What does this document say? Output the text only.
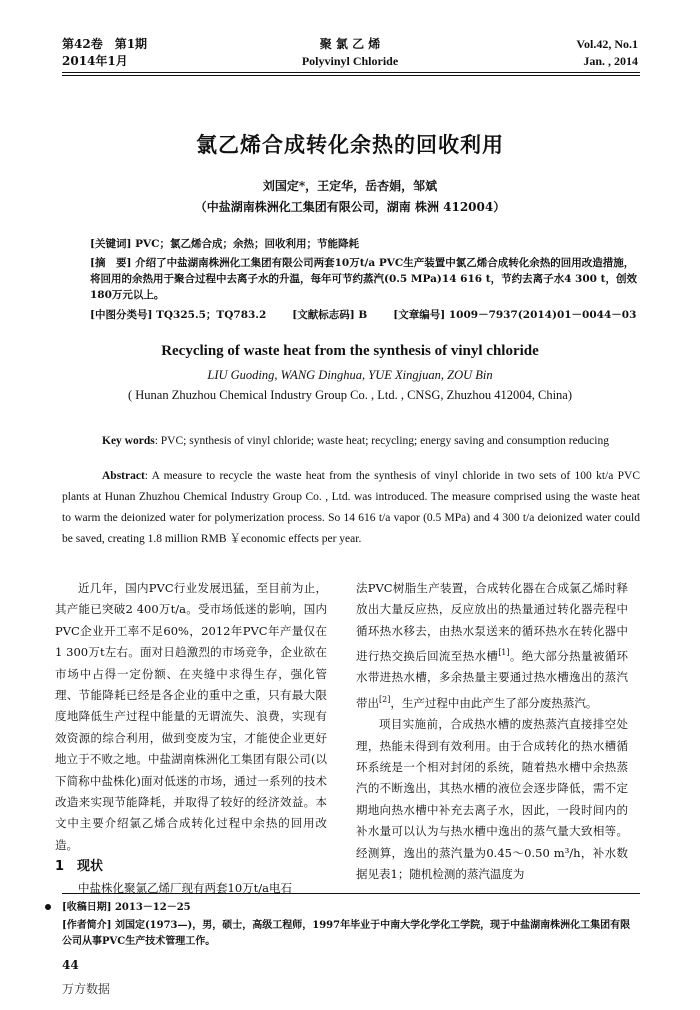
第42卷　第1期
2014年1月
聚 氯 乙 烯
Polyvinyl Chloride
Vol.42, No.1
Jan. , 2014
氯乙烯合成转化余热的回收利用
刘国定*，王定华，岳杏娟，邹斌
（中盐湖南株洲化工集团有限公司，湖南 株洲 412004）
[关键词] PVC；氯乙烯合成；余热；回收利用；节能降耗
[摘　要] 介绍了中盐湖南株洲化工集团有限公司两套10万t/a PVC生产装置中氯乙烯合成转化余热的回用改造措施，将回用的余热用于聚合过程中去离子水的升温，每年可节约蒸汽(0.5 MPa)14 616 t，节约去离子水4 300 t，创效180万元以上。
[中图分类号] TQ325.5；TQ783.2 [文献标志码] B [文章编号] 1009－7937(2014)01－0044－03
Recycling of waste heat from the synthesis of vinyl chloride
LIU Guoding, WANG Dinghua, YUE Xingjuan, ZOU Bin
( Hunan Zhuzhou Chemical Industry Group Co. , Ltd. , CNSG, Zhuzhou 412004, China)
Key words: PVC; synthesis of vinyl chloride; waste heat; recycling; energy saving and consumption reducing
Abstract: A measure to recycle the waste heat from the synthesis of vinyl chloride in two sets of 100 kt/a PVC plants at Hunan Zhuzhou Chemical Industry Group Co. , Ltd. was introduced. The measure comprised using the waste heat to warm the deionized water for polymerization process. So 14 616 t/a vapor (0.5 MPa) and 4 300 t/a deionized water could be saved, creating 1.8 million RMB ￥economic effects per year.

近几年，国内PVC行业发展迅猛，至目前为止，其产能已突破2 400万t/a。受市场低迷的影响，国内PVC企业开工率不足60%，2012年PVC年产量仅在1 300万t左右。面对日趋激烈的市场竞争，企业欲在市场中占得一定份额、在夹缝中求得生存，强化管理、节能降耗已经是各企业的重中之重，只有最大限度地降低生产过程中能量的无谓流失、浪费，实现有效资源的综合利用，做到变废为宝，才能使企业更好地立于不败之地。中盐湖南株洲化工集团有限公司(以下简称中盐株化)面对低迷的市场，通过一系列的技术改造来实现节能降耗，并取得了较好的经济效益。本文中主要介绍氯乙烯合成转化过程中余热的回用改造。

1　现状

中盐株化聚氯乙烯厂现有两套10万t/a电石

法PVC树脂生产装置，合成转化器在合成氯乙烯时释放出大量反应热，反应放出的热量通过转化器壳程中循环热水移去，由热水泵送来的循环热水在转化器中进行热交换后回流至热水槽[1]。绝大部分热量被循环水带进热水槽，多余热量主要通过热水槽逸出的蒸汽带出[2]，生产过程中由此产生了部分废热蒸汽。

项目实施前，合成热水槽的废热蒸汽直接排空处理，热能未得到有效利用。由于合成转化的热水槽循环系统是一个相对封闭的系统，随着热水槽中余热蒸汽的不断逸出，其热水槽的液位会逐步降低，需不定期地向热水槽中补充去离子水，因此，一段时间内的补水量可以认为与热水槽中逸出的蒸气量大致相等。经测算，逸出的蒸汽量为0.45～0.50 m³/h，补水数据见表1；随机检测的蒸汽温度为

[收稿日期] 2013－12－25
[作者简介] 刘国定(1973—)，男，硕士，高级工程师，1997年毕业于中南大学化学化工学院，现于中盐湖南株洲化工集团有限公司从事PVC生产技术管理工作。
44
万方数据
